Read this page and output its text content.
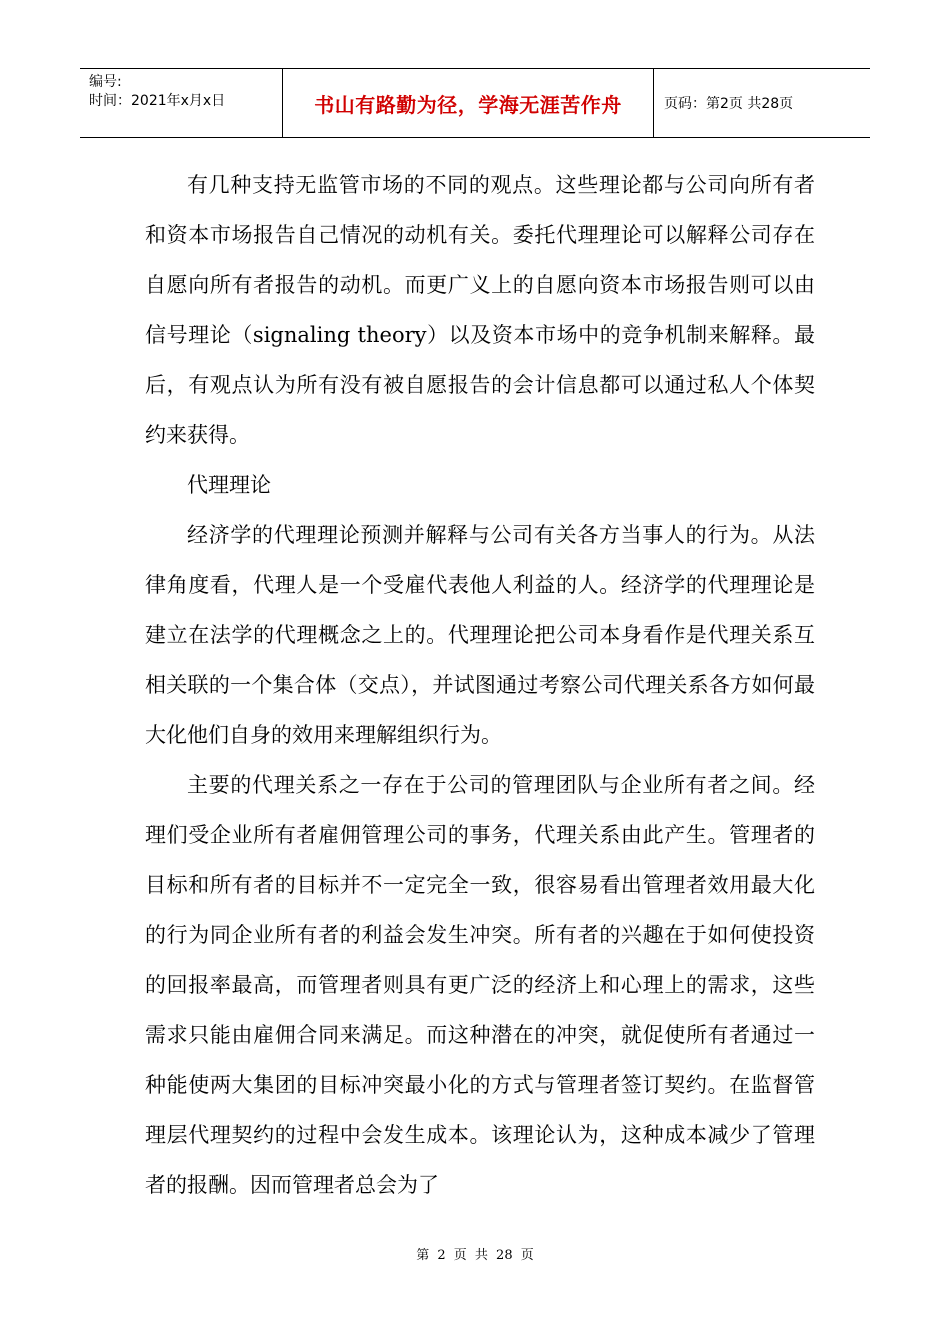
编号:
时间：2021年x月x日	书山有路勤为径，学海无涯苦作舟	页码：第2页 共28页

有几种支持无监管市场的不同的观点。这些理论都与公司向所有者和资本市场报告自己情况的动机有关。委托代理理论可以解释公司存在自愿向所有者报告的动机。而更广义上的自愿向资本市场报告则可以由信号理论（signaling theory）以及资本市场中的竞争机制来解释。最后，有观点认为所有没有被自愿报告的会计信息都可以通过私人个体契约来获得。

代理理论

经济学的代理理论预测并解释与公司有关各方当事人的行为。从法律角度看，代理人是一个受雇代表他人利益的人。经济学的代理理论是建立在法学的代理概念之上的。代理理论把公司本身看作是代理关系互相关联的一个集合体（交点），并试图通过考察公司代理关系各方如何最大化他们自身的效用来理解组织行为。

主要的代理关系之一存在于公司的管理团队与企业所有者之间。经理们受企业所有者雇佣管理公司的事务，代理关系由此产生。管理者的目标和所有者的目标并不一定完全一致，很容易看出管理者效用最大化的行为同企业所有者的利益会发生冲突。所有者的兴趣在于如何使投资的回报率最高，而管理者则具有更广泛的经济上和心理上的需求，这些需求只能由雇佣合同来满足。而这种潜在的冲突，就促使所有者通过一种能使两大集团的目标冲突最小化的方式与管理者签订契约。在监督管理层代理契约的过程中会发生成本。该理论认为，这种成本减少了管理者的报酬。因而管理者总会为了

第 2 页 共 28 页
